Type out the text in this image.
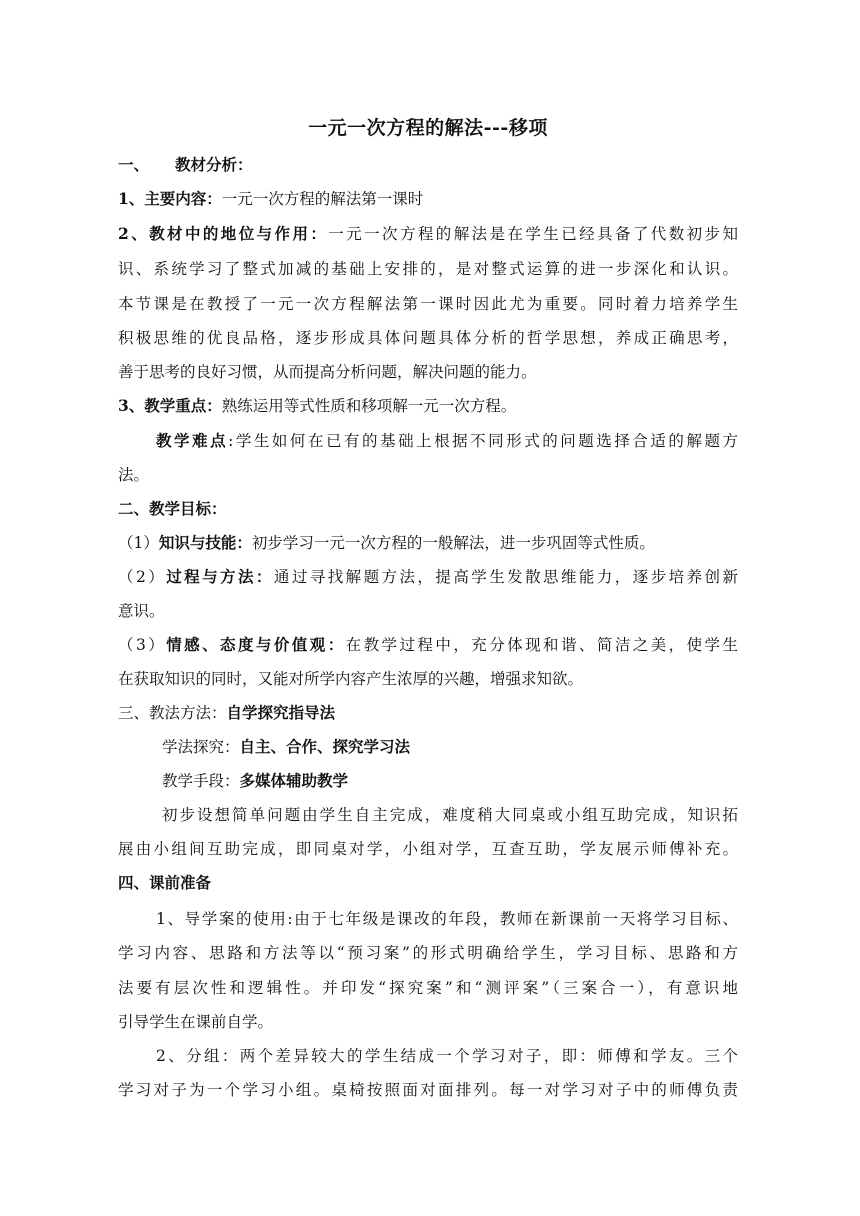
一元一次方程的解法---移项
一、 教材分析：
1、主要内容：一元一次方程的解法第一课时
2、教材中的地位与作用：一元一次方程的解法是在学生已经具备了代数初步知
识、系统学习了整式加减的基础上安排的，是对整式运算的进一步深化和认识。
本节课是在教授了一元一次方程解法第一课时因此尤为重要。同时着力培养学生
积极思维的优良品格，逐步形成具体问题具体分析的哲学思想，养成正确思考，
善于思考的良好习惯，从而提高分析问题，解决问题的能力。
3、教学重点：熟练运用等式性质和移项解一元一次方程。
教学难点:学生如何在已有的基础上根据不同形式的问题选择合适的解题方
法。
二、教学目标：
（1）知识与技能：初步学习一元一次方程的一般解法，进一步巩固等式性质。
（2）过程与方法：通过寻找解题方法，提高学生发散思维能力，逐步培养创新
意识。
（3）情感、态度与价值观：在教学过程中，充分体现和谐、简洁之美，使学生
在获取知识的同时，又能对所学内容产生浓厚的兴趣，增强求知欲。
三、教法方法：自学探究指导法
学法探究：自主、合作、探究学习法
教学手段：多媒体辅助教学
初步设想简单问题由学生自主完成，难度稍大同桌或小组互助完成，知识拓
展由小组间互助完成，即同桌对学，小组对学，互查互助，学友展示师傅补充。
四、课前准备
1、导学案的使用:由于七年级是课改的年段，教师在新课前一天将学习目标、
学习内容、思路和方法等以“预习案”的形式明确给学生，学习目标、思路和方
法要有层次性和逻辑性。并印发“探究案”和“测评案”（三案合一），有意识地
引导学生在课前自学。
2、分组：两个差异较大的学生结成一个学习对子，即：师傅和学友。三个
学习对子为一个学习小组。桌椅按照面对面排列。每一对学习对子中的师傅负责
